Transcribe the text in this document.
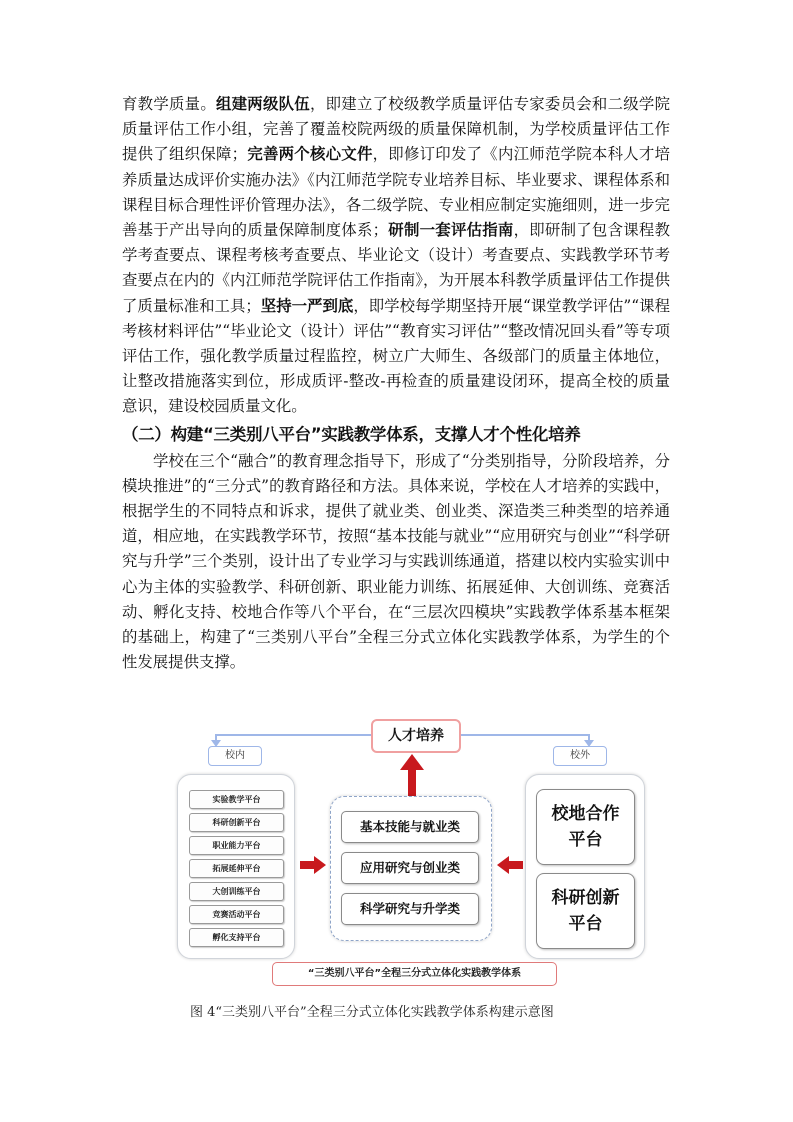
育教学质量。组建两级队伍，即建立了校级教学质量评估专家委员会和二级学院质量评估工作小组，完善了覆盖校院两级的质量保障机制，为学校质量评估工作提供了组织保障；完善两个核心文件，即修订印发了《内江师范学院本科人才培养质量达成评价实施办法》《内江师范学院专业培养目标、毕业要求、课程体系和课程目标合理性评价管理办法》，各二级学院、专业相应制定实施细则，进一步完善基于产出导向的质量保障制度体系；研制一套评估指南，即研制了包含课程教学考查要点、课程考核考查要点、毕业论文（设计）考查要点、实践教学环节考查要点在内的《内江师范学院评估工作指南》，为开展本科教学质量评估工作提供了质量标准和工具；坚持一严到底，即学校每学期坚持开展“课堂教学评估”“课程考核材料评估”“毕业论文（设计）评估”“教育实习评估”“整改情况回头看”等专项评估工作，强化教学质量过程监控，树立广大师生、各级部门的质量主体地位，让整改措施落实到位，形成质评-整改-再检查的质量建设闭环，提高全校的质量意识，建设校园质量文化。

（二）构建“三类别八平台”实践教学体系，支撑人才个性化培养

学校在三个“融合”的教育理念指导下，形成了“分类别指导，分阶段培养，分模块推进”的“三分式”的教育路径和方法。具体来说，学校在人才培养的实践中，根据学生的不同特点和诉求，提供了就业类、创业类、深造类三种类型的培养通道，相应地，在实践教学环节，按照“基本技能与就业”“应用研究与创业”“科学研究与升学”三个类别，设计出了专业学习与实践训练通道，搭建以校内实验实训中心为主体的实验教学、科研创新、职业能力训练、拓展延伸、大创训练、竞赛活动、孵化支持、校地合作等八个平台，在“三层次四模块”实践教学体系基本框架的基础上，构建了“三类别八平台”全程三分式立体化实践教学体系，为学生的个性发展提供支撑。

人才培养
校内	校外
实验教学平台
科研创新平台
职业能力平台
拓展延伸平台
大创训练平台
竞赛活动平台
孵化支持平台
基本技能与就业类
应用研究与创业类
科学研究与升学类
校地合作平台
科研创新平台
“三类别八平台”全程三分式立体化实践教学体系
图 4“三类别八平台”全程三分式立体化实践教学体系构建示意图
